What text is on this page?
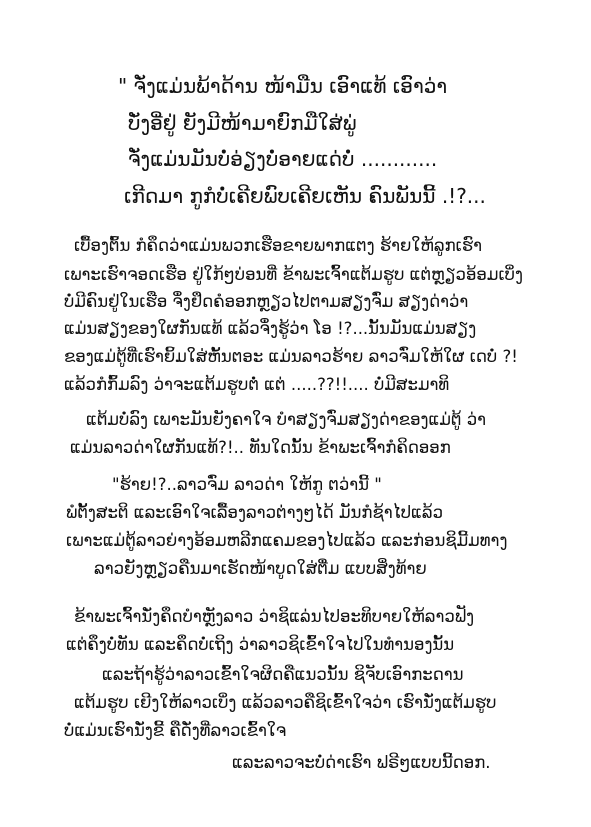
" ຈັ່ງແມ່ນພ້າດ້ານ ໜ້າມືນ ເອົາແທ້ ເອົາວ່າ
ບັ່ງອີ່ຢູ່ ຍັງມີໜ້າມາຍົກມືໃສ່ພູ່
ຈັ່ງແມ່ນມັນບໍ່ອ່ຽງບໍ່ອາຍແດ່ບໍ່ ............
ເກີດມາ ກູກໍບໍ່ເຄີຍພົບເຄີຍເຫັນ ຄົນພັນນີ້ .!?...
ເບື້ອງຕົ້ນ ກໍຄຶດວ່າແມ່ນພວກເຮືອຂາຍພາກແຕງ ຮ້າຍໃຫ້ລູກເຮົາ
ເພາະເຮົາຈອດເຮືອ ຢູ່ໃກ້ໆບ່ອນທີ່ ຂ້າພະເຈົ້າແຕ້ມຮູບ ແຕ່ຫຼຽວອ້ອມເບິ່ງ
ບໍ່ມີຄົນຢູ່ໃນເຮືອ ຈຶ່ງຢຶດຄໍອອກຫຼຽວໄປຕາມສຽງຈົ່ມ ສຽງດ່າວ່າ
ແມ່ນສຽງຂອງໃຜກັນແທ້ ແລ້ວຈຶ່ງຮູ້ວ່າ ໂອ !?...ນັ້ນມັນແມ່ນສຽງ
ຂອງແມ່ຕູ້ທີ່ເຮົາຍິ້ມໃສ່ຫັ້ນຕອະ ແມ່ນລາວຮ້າຍ ລາວຈົ່ມໃຫ້ໃຜ ເດບໍ່ ?!
ແລ້ວກໍກົ້ມລົງ ວ່າຈະແຕ້ມຮູບຕໍ່ ແຕ່ .....??!!.... ບໍ່ມີສະມາທິ
ແຕ້ມບໍ່ລົງ ເພາະມັນຍັງຄາໃຈ ບຳສຽງຈົ່ມສຽງດ່າຂອງແມ່ຕູ້ ວ່າ
ແມ່ນລາວດ່າໃຜກັນແທ້?!.. ທັນໃດນັ້ນ ຂ້າພະເຈົ້າກໍຄິດອອກ
"ຮ້າຍ!?..ລາວຈົ່ມ ລາວດ່າ ໃຫ້ກູ ຕວ່ານີ້ "
ພໍຕັ້ງສະຕິ ແລະເອົາໃຈເລື້ອງລາວຕ່າງໆໄດ້ ມັນກໍຊ້າໄປແລ້ວ
ເພາະແມ່ຕູ້ລາວຍ່າງອ້ອມຫລີກແຄມຂອງໄປແລ້ວ ແລະກ່ອນຊິມີ້ມທາງ
ລາວຍັງຫຼຽວຄືນມາເຮັດໜ້າບູດໃສ່ຕື່ມ ແບບສິ່ງທ້າຍ
ຂ້າພະເຈົ້ານັ່ງຄຶດບຳຫຼັງລາວ ວ່າຊິແລ່ນໄປອະທິບາຍໃຫ້ລາວຟັງ
ແຕ່ຄຶງບໍ່ທັນ ແລະຄຶດບໍ່ເຖິງ ວ່າລາວຊິເຂົ້າໃຈໄປໃນທຳນອງນັ້ນ
ແລະຖ້າຮູ້ວ່າລາວເຂົ້າໃຈຜິດຄືແນວນັ້ນ ຊິຈັບເອົາກະດານ
ແຕ້ມຮູບ ເຍີງໃຫ້ລາວເບິ່ງ ແລ້ວລາວຄືຊິເຂົ້າໃຈວ່າ ເຮົານັ່ງແຕ້ມຮູບ
ບໍ່ແມ່ນເຮົານັ່ງຂີ້ ຄືດັ່ງທີ່ລາວເຂົ້າໃຈ
ແລະລາວຈະບໍ່ດ່າເຮົາ ຟຣີໆແບບນີ້ດອກ.
